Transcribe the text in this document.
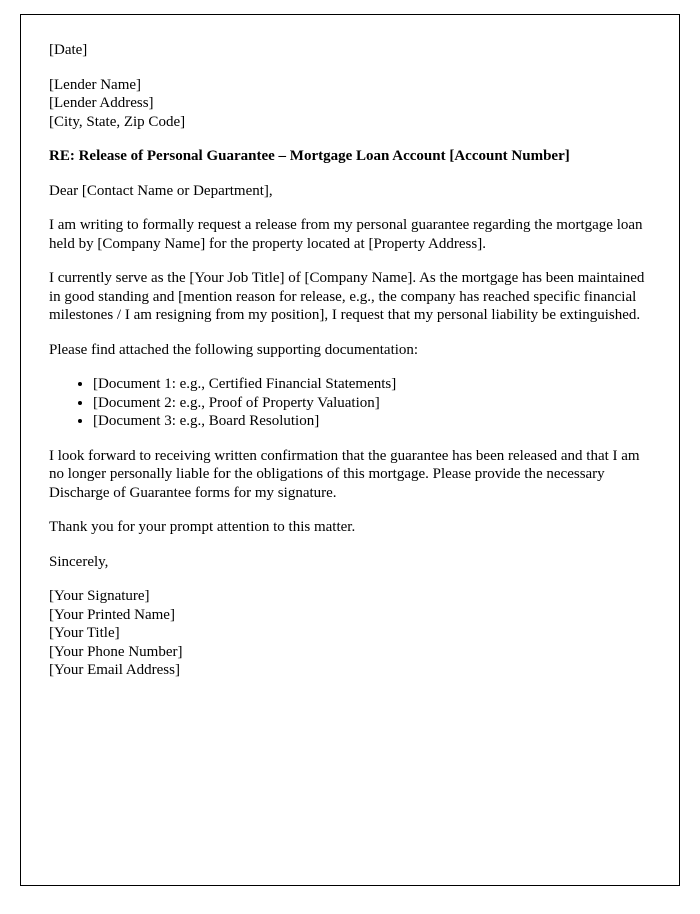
[Date]

[Lender Name]
[Lender Address]
[City, State, Zip Code]

RE: Release of Personal Guarantee – Mortgage Loan Account [Account Number]

Dear [Contact Name or Department],

I am writing to formally request a release from my personal guarantee regarding the mortgage loan held by [Company Name] for the property located at [Property Address].

I currently serve as the [Your Job Title] of [Company Name]. As the mortgage has been maintained in good standing and [mention reason for release, e.g., the company has reached specific financial milestones / I am resigning from my position], I request that my personal liability be extinguished.

Please find attached the following supporting documentation:

• [Document 1: e.g., Certified Financial Statements]
• [Document 2: e.g., Proof of Property Valuation]
• [Document 3: e.g., Board Resolution]

I look forward to receiving written confirmation that the guarantee has been released and that I am no longer personally liable for the obligations of this mortgage. Please provide the necessary Discharge of Guarantee forms for my signature.

Thank you for your prompt attention to this matter.

Sincerely,

[Your Signature]
[Your Printed Name]
[Your Title]
[Your Phone Number]
[Your Email Address]
